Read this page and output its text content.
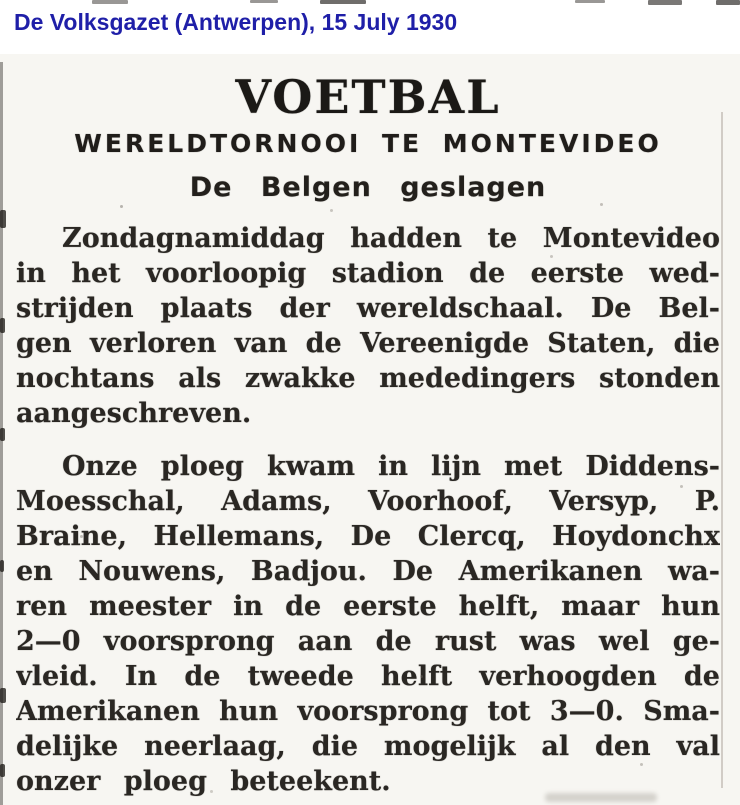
De Volksgazet (Antwerpen), 15 July 1930
VOETBAL
WERELDTORNOOI TE MONTEVIDEO
De Belgen geslagen
Zondagnamiddag hadden te Montevideo
in het voorloopig stadion de eerste wed-
strijden plaats der wereldschaal. De Bel-
gen verloren van de Vereenigde Staten, die
nochtans als zwakke mededingers stonden
aangeschreven.
Onze ploeg kwam in lijn met Diddens-
Moesschal, Adams, Voorhoof, Versyp, P.
Braine, Hellemans, De Clercq, Hoydonchx
en Nouwens, Badjou. De Amerikanen wa-
ren meester in de eerste helft, maar hun
2—0 voorsprong aan de rust was wel ge-
vleid. In de tweede helft verhoogden de
Amerikanen hun voorsprong tot 3—0. Sma-
delijke neerlaag, die mogelijk al den val
onzer ploeg beteekent.
